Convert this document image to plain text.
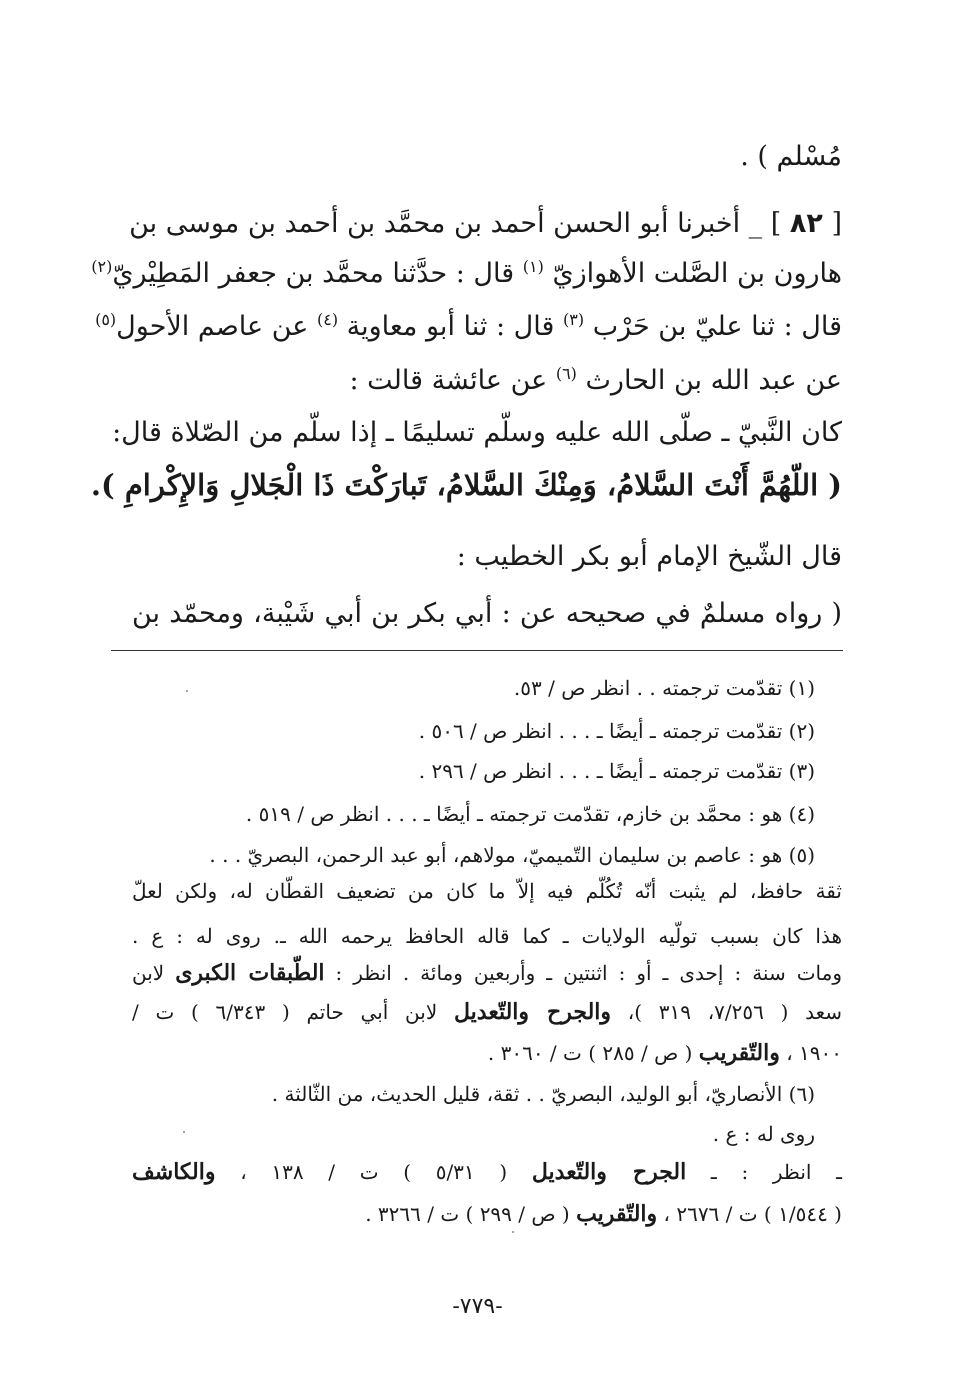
مُسْلم ) .
[ ٨٢ ] _ أخبرنا أبو الحسن أحمد بن محمَّد بن أحمد بن موسى بن
هارون بن الصَّلت الأهوازيّ $^{(١)}$ قال : حدَّثنا محمَّد بن جعفر المَطِيْريّ$^{(٢)}$
قال : ثنا عليّ بن حَرْب $^{(٣)}$ قال : ثنا أبو معاوية $^{(٤)}$ عن عاصم الأحول$^{(٥)}$
عن عبد الله بن الحارث $^{(٦)}$ عن عائشة قالت :
كان النَّبيّ ـ صلّى الله عليه وسلّم تسليمًا ـ إذا سلّم من الصّلاة قال:
( اللّهُمَّ أَنْتَ السَّلامُ، وَمِنْكَ السَّلامُ، تَبارَكْتَ ذَا الْجَلالِ وَالإِكْرامِ ).
قال الشّيخ الإمام أبو بكر الخطيب :
( رواه مسلمٌ في صحيحه عن : أبي بكر بن أبي شَيْبة، ومحمّد بن
(١) تقدّمت ترجمته . . انظر ص / ٥٣.
(٢) تقدّمت ترجمته ـ أيضًا ـ . . . انظر ص / ٥٠٦ .
(٣) تقدّمت ترجمته ـ أيضًا ـ . . . انظر ص / ٢٩٦ .
(٤) هو : محمَّد بن خازم، تقدّمت ترجمته ـ أيضًا ـ . . . انظر ص / ٥١٩ .
(٥) هو : عاصم بن سليمان التّميميّ، مولاهم، أبو عبد الرحمن، البصريّ . . .
ثقة حافظ، لم يثبت أنّه تُكُلّم فيه إلاّ ما كان من تضعيف القطّان له، ولكن لعلّ
هذا كان بسبب تولّيه الولايات ـ كما قاله الحافظ يرحمه الله ـ. روى له : ع .
ومات سنة : إحدى ـ أو : اثنتين ـ وأربعين ومائة . انظر : الطّبقات الكبرى لابن
سعد ( ٧/٢٥٦، ٣١٩ )، والجرح والتّعديل لابن أبي حاتم ( ٦/٣٤٣ ) ت /
١٩٠٠ ، والتّقريب ( ص / ٢٨٥ ) ت / ٣٠٦٠ .
(٦) الأنصاريّ، أبو الوليد، البصريّ . . ثقة، قليل الحديث، من الثّالثة .
روى له : ع .
ـ انظر : ـ الجرح والتّعديل ( ٥/٣١ ) ت / ١٣٨ ، والكاشف
( ١/٥٤٤ ) ت / ٢٦٧٦ ، والتّقريب ( ص / ٢٩٩ ) ت / ٣٢٦٦ .
-٧٧٩-
